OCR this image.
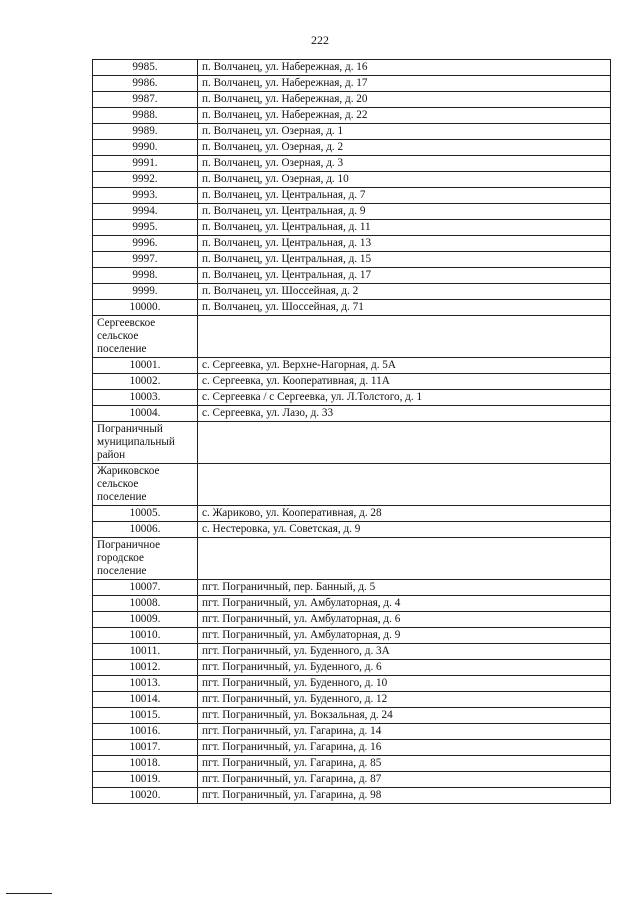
222
9985.	п. Волчанец, ул. Набережная, д. 16
9986.	п. Волчанец, ул. Набережная, д. 17
9987.	п. Волчанец, ул. Набережная, д. 20
9988.	п. Волчанец, ул. Набережная, д. 22
9989.	п. Волчанец, ул. Озерная, д. 1
9990.	п. Волчанец, ул. Озерная, д. 2
9991.	п. Волчанец, ул. Озерная, д. 3
9992.	п. Волчанец, ул. Озерная, д. 10
9993.	п. Волчанец, ул. Центральная, д. 7
9994.	п. Волчанец, ул. Центральная, д. 9
9995.	п. Волчанец, ул. Центральная, д. 11
9996.	п. Волчанец, ул. Центральная, д. 13
9997.	п. Волчанец, ул. Центральная, д. 15
9998.	п. Волчанец, ул. Центральная, д. 17
9999.	п. Волчанец, ул. Шоссейная, д. 2
10000.	п. Волчанец, ул. Шоссейная, д. 71

Сергеевское
сельское
поселение	

10001.	с. Сергеевка, ул. Верхне-Нагорная, д. 5А
10002.	с. Сергеевка, ул. Кооперативная, д. 11А
10003.	с. Сергеевка / с Сергеевка, ул. Л.Толстого, д. 1
10004.	с. Сергеевка, ул. Лазо, д. 33

Пограничный
муниципальный
район	

Жариковское
сельское
поселение	

10005.	с. Жариково, ул. Кооперативная, д. 28
10006.	с. Нестеровка, ул. Советская, д. 9

Пограничное
городское
поселение	

10007.	пгт. Пограничный, пер. Банный, д. 5
10008.	пгт. Пограничный, ул. Амбулаторная, д. 4
10009.	пгт. Пограничный, ул. Амбулаторная, д. 6
10010.	пгт. Пограничный, ул. Амбулаторная, д. 9
10011.	пгт. Пограничный, ул. Буденного, д. 3А
10012.	пгт. Пограничный, ул. Буденного, д. 6
10013.	пгт. Пограничный, ул. Буденного, д. 10
10014.	пгт. Пограничный, ул. Буденного, д. 12
10015.	пгт. Пограничный, ул. Вокзальная, д. 24
10016.	пгт. Пограничный, ул. Гагарина, д. 14
10017.	пгт. Пограничный, ул. Гагарина, д. 16
10018.	пгт. Пограничный, ул. Гагарина, д. 85
10019.	пгт. Пограничный, ул. Гагарина, д. 87
10020.	пгт. Пограничный, ул. Гагарина, д. 98
